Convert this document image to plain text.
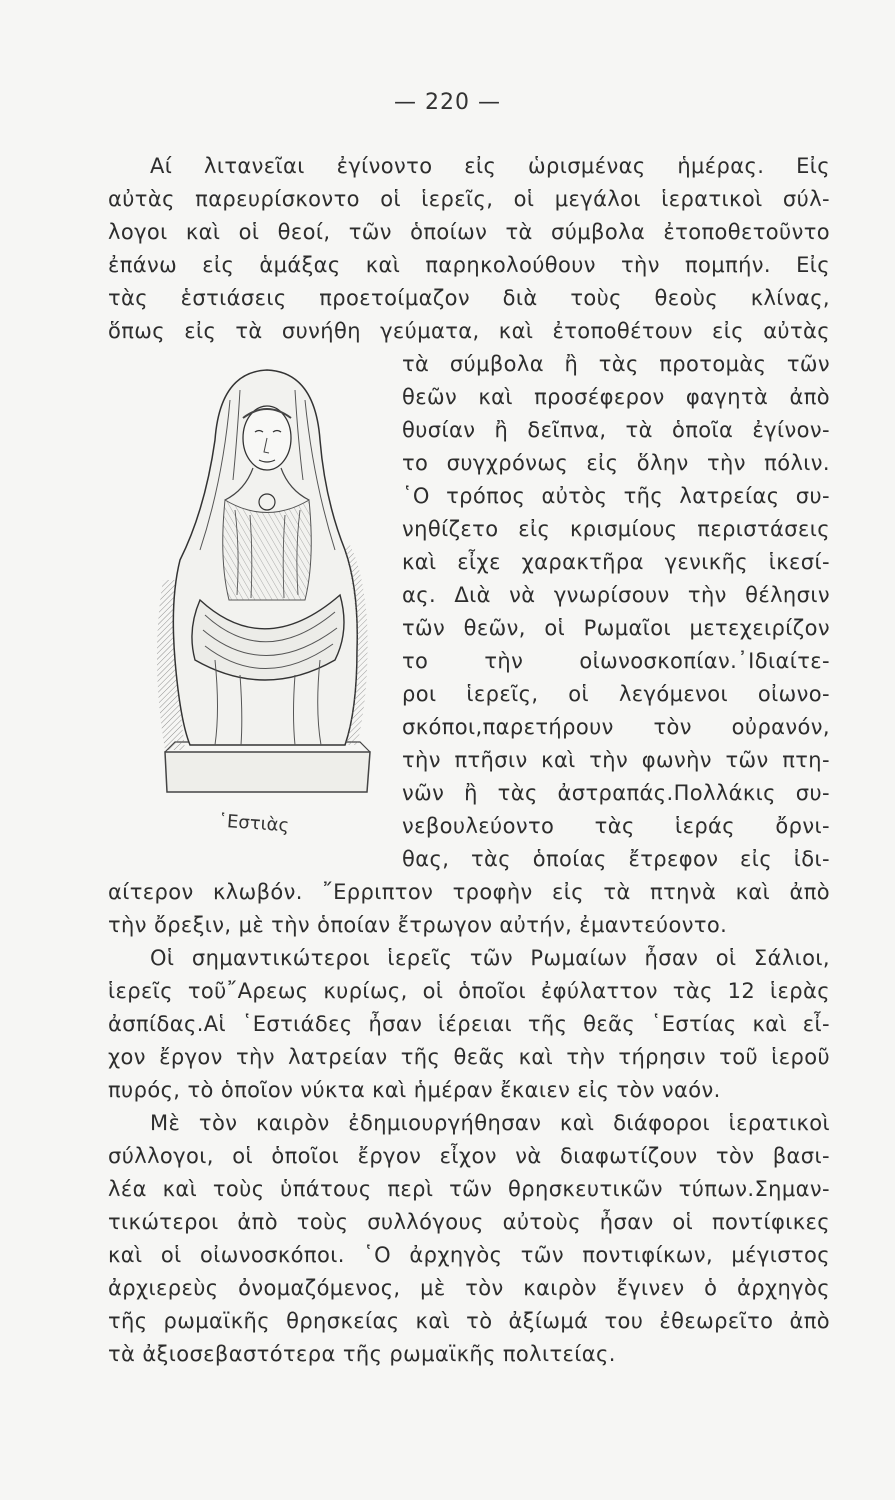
— 220 —

Αί λιτανεῖαι ἐγίνοντο εἰς ὡρισμένας ἡμέρας. Εἰς

αὐτὰς παρευρίσκοντο οἱ ἱερεῖς, οἱ μεγάλοι ἱερατικοὶ σύλ-

λογοι καὶ οἱ θεοί, τῶν ὁποίων τὰ σύμβολα ἐτοποθετοῦντο

ἐπάνω εἰς ἁμάξας καὶ παρηκολούθουν τὴν πομπήν. Εἰς

τὰς ἑστιάσεις προετοίμαζον διὰ τοὺς θεοὺς κλίνας,

ὅπως εἰς τὰ συνήθη γεύματα, καὶ ἐτοποθέτουν εἰς αὐτὰς

τὰ σύμβολα ἢ τὰς προτομὰς τῶν

θεῶν καὶ προσέφερον φαγητὰ ἀπὸ

θυσίαν ἢ δεῖπνα, τὰ ὁποῖα ἐγίνον-

το συγχρόνως εἰς ὅλην τὴν πόλιν.

῾Ο τρόπος αὐτὸς τῆς λατρείας συ-

νηθίζετο εἰς κρισμίους περιστάσεις

καὶ εἶχε χαρακτῆρα γενικῆς ἱκεσί-

ας. Διὰ νὰ γνωρίσουν τὴν θέλησιν

τῶν θεῶν, οἱ Ρωμαῖοι μετεχειρίζον

το τὴν οἰωνοσκοπίαν.᾿Ιδιαίτε-

ροι ἱερεῖς, οἱ λεγόμενοι οἰωνο-

σκόποι,παρετήρουν τὸν οὐρανόν,

τὴν πτῆσιν καὶ τὴν φωνὴν τῶν πτη-

νῶν ἢ τὰς ἀστραπάς.Πολλάκις συ-

νεβουλεύοντο τὰς ἱεράς ὄρνι-

θας, τὰς ὁποίας ἔτρεφον εἰς ἰδι-

αίτερον κλωβόν. ῎Ερριπτον τροφὴν εἰς τὰ πτηνὰ καὶ ἀπὸ

τὴν ὄρεξιν, μὲ τὴν ὁποίαν ἔτρωγον αὐτήν, ἐμαντεύοντο.

Οἱ σημαντικώτεροι ἱερεῖς τῶν Ρωμαίων ἦσαν οἱ Σάλιοι,

ἱερεῖς τοῦ῎Αρεως κυρίως, οἱ ὁποῖοι ἐφύλαττον τὰς 12 ἱερὰς

ἀσπίδας.Αἱ ῾Εστιάδες ἦσαν ἱέρειαι τῆς θεᾶς ῾Εστίας καὶ εἶ-

χον ἔργον τὴν λατρείαν τῆς θεᾶς καὶ τὴν τήρησιν τοῦ ἱεροῦ

πυρός, τὸ ὁποῖον νύκτα καὶ ἡμέραν ἔκαιεν εἰς τὸν ναόν.

Μὲ τὸν καιρὸν ἐδημιουργήθησαν καὶ διάφοροι ἱερατικοὶ

σύλλογοι, οἱ ὁποῖοι ἔργον εἶχον νὰ διαφωτίζουν τὸν βασι-

λέα καὶ τοὺς ὑπάτους περὶ τῶν θρησκευτικῶν τύπων.Σημαν-

τικώτεροι ἀπὸ τοὺς συλλόγους αὐτοὺς ἦσαν οἱ ποντίφικες

καὶ οἱ οἰωνοσκόποι. ῾Ο ἀρχηγὸς τῶν ποντιφίκων, μέγιστος

ἀρχιερεὺς ὀνομαζόμενος, μὲ τὸν καιρὸν ἔγινεν ὁ ἀρχηγὸς

τῆς ρωμαϊκῆς θρησκείας καὶ τὸ ἀξίωμά του ἐθεωρεῖτο ἀπὸ

τὰ ἀξιοσεβαστότερα τῆς ρωμαϊκῆς πολιτείας.

῾Εστιὰς
